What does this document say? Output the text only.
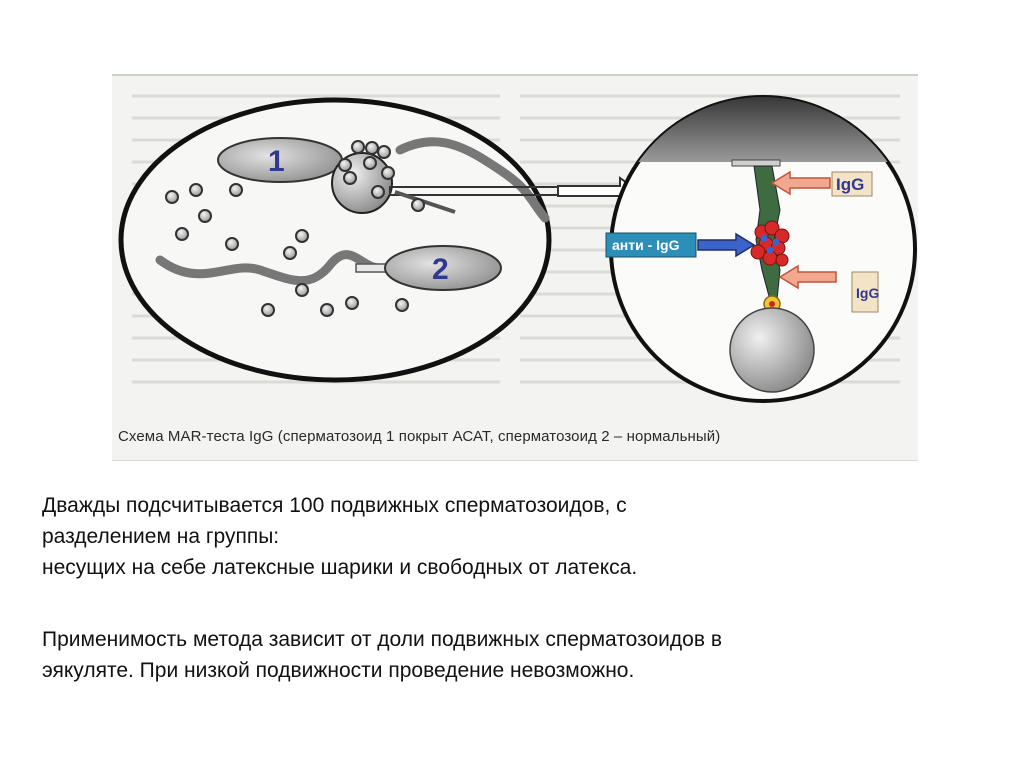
1
2
IgG
анти - IgG
IgG
Схема MAR-теста IgG (сперматозоид 1 покрыт АСАТ, сперматозоид 2 – нормальный)
Дважды подсчитывается 100 подвижных сперматозоидов, с
разделением на группы:
несущих на себе латексные шарики и свободных от латекса.
Применимость метода зависит от доли подвижных сперматозоидов в
эякуляте. При низкой подвижности проведение невозможно.
